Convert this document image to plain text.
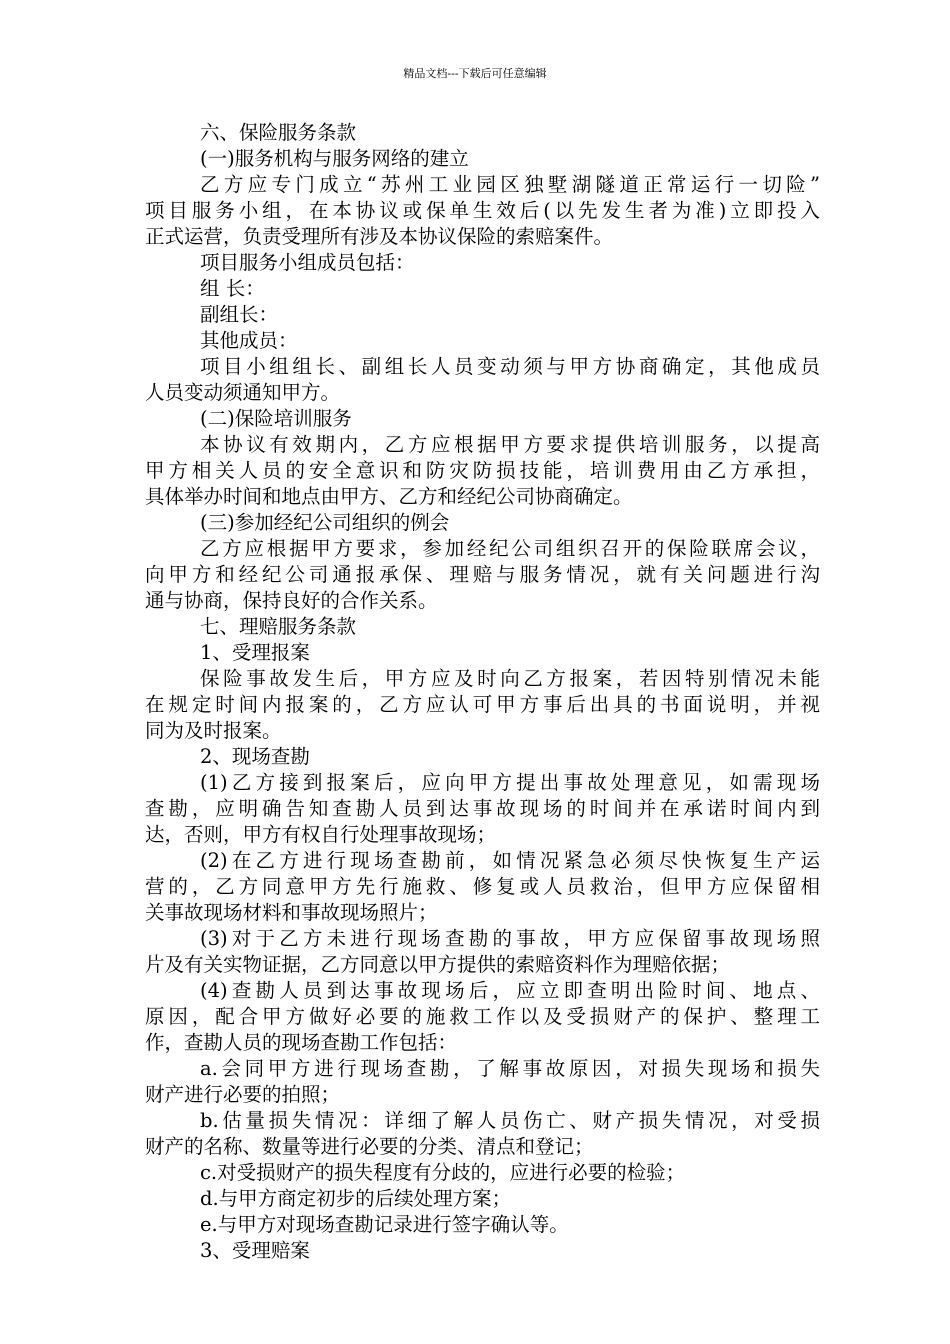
精品文档---下载后可任意编辑
六、保险服务条款
(一)服务机构与服务网络的建立
乙方应专门成立“苏州工业园区独墅湖隧道正常运行一切险”
项目服务小组，在本协议或保单生效后(以先发生者为准)立即投入
正式运营，负责受理所有涉及本协议保险的索赔案件。
项目服务小组成员包括：
组 长：
副组长：
其他成员：
项目小组组长、副组长人员变动须与甲方协商确定，其他成员
人员变动须通知甲方。
(二)保险培训服务
本协议有效期内，乙方应根据甲方要求提供培训服务，以提高
甲方相关人员的安全意识和防灾防损技能，培训费用由乙方承担，
具体举办时间和地点由甲方、乙方和经纪公司协商确定。
(三)参加经纪公司组织的例会
乙方应根据甲方要求，参加经纪公司组织召开的保险联席会议，
向甲方和经纪公司通报承保、理赔与服务情况，就有关问题进行沟
通与协商，保持良好的合作关系。
七、理赔服务条款
1、受理报案
保险事故发生后，甲方应及时向乙方报案，若因特别情况未能
在规定时间内报案的，乙方应认可甲方事后出具的书面说明，并视
同为及时报案。
2、现场查勘
(1)乙方接到报案后，应向甲方提出事故处理意见，如需现场
查勘，应明确告知查勘人员到达事故现场的时间并在承诺时间内到
达，否则，甲方有权自行处理事故现场；
(2)在乙方进行现场查勘前，如情况紧急必须尽快恢复生产运
营的，乙方同意甲方先行施救、修复或人员救治，但甲方应保留相
关事故现场材料和事故现场照片；
(3)对于乙方未进行现场查勘的事故，甲方应保留事故现场照
片及有关实物证据，乙方同意以甲方提供的索赔资料作为理赔依据；
(4)查勘人员到达事故现场后，应立即查明出险时间、地点、
原因，配合甲方做好必要的施救工作以及受损财产的保护、整理工
作，查勘人员的现场查勘工作包括：
a.会同甲方进行现场查勘，了解事故原因，对损失现场和损失
财产进行必要的拍照；
b.估量损失情况：详细了解人员伤亡、财产损失情况，对受损
财产的名称、数量等进行必要的分类、清点和登记；
c.对受损财产的损失程度有分歧的，应进行必要的检验；
d.与甲方商定初步的后续处理方案；
e.与甲方对现场查勘记录进行签字确认等。
3、受理赔案
